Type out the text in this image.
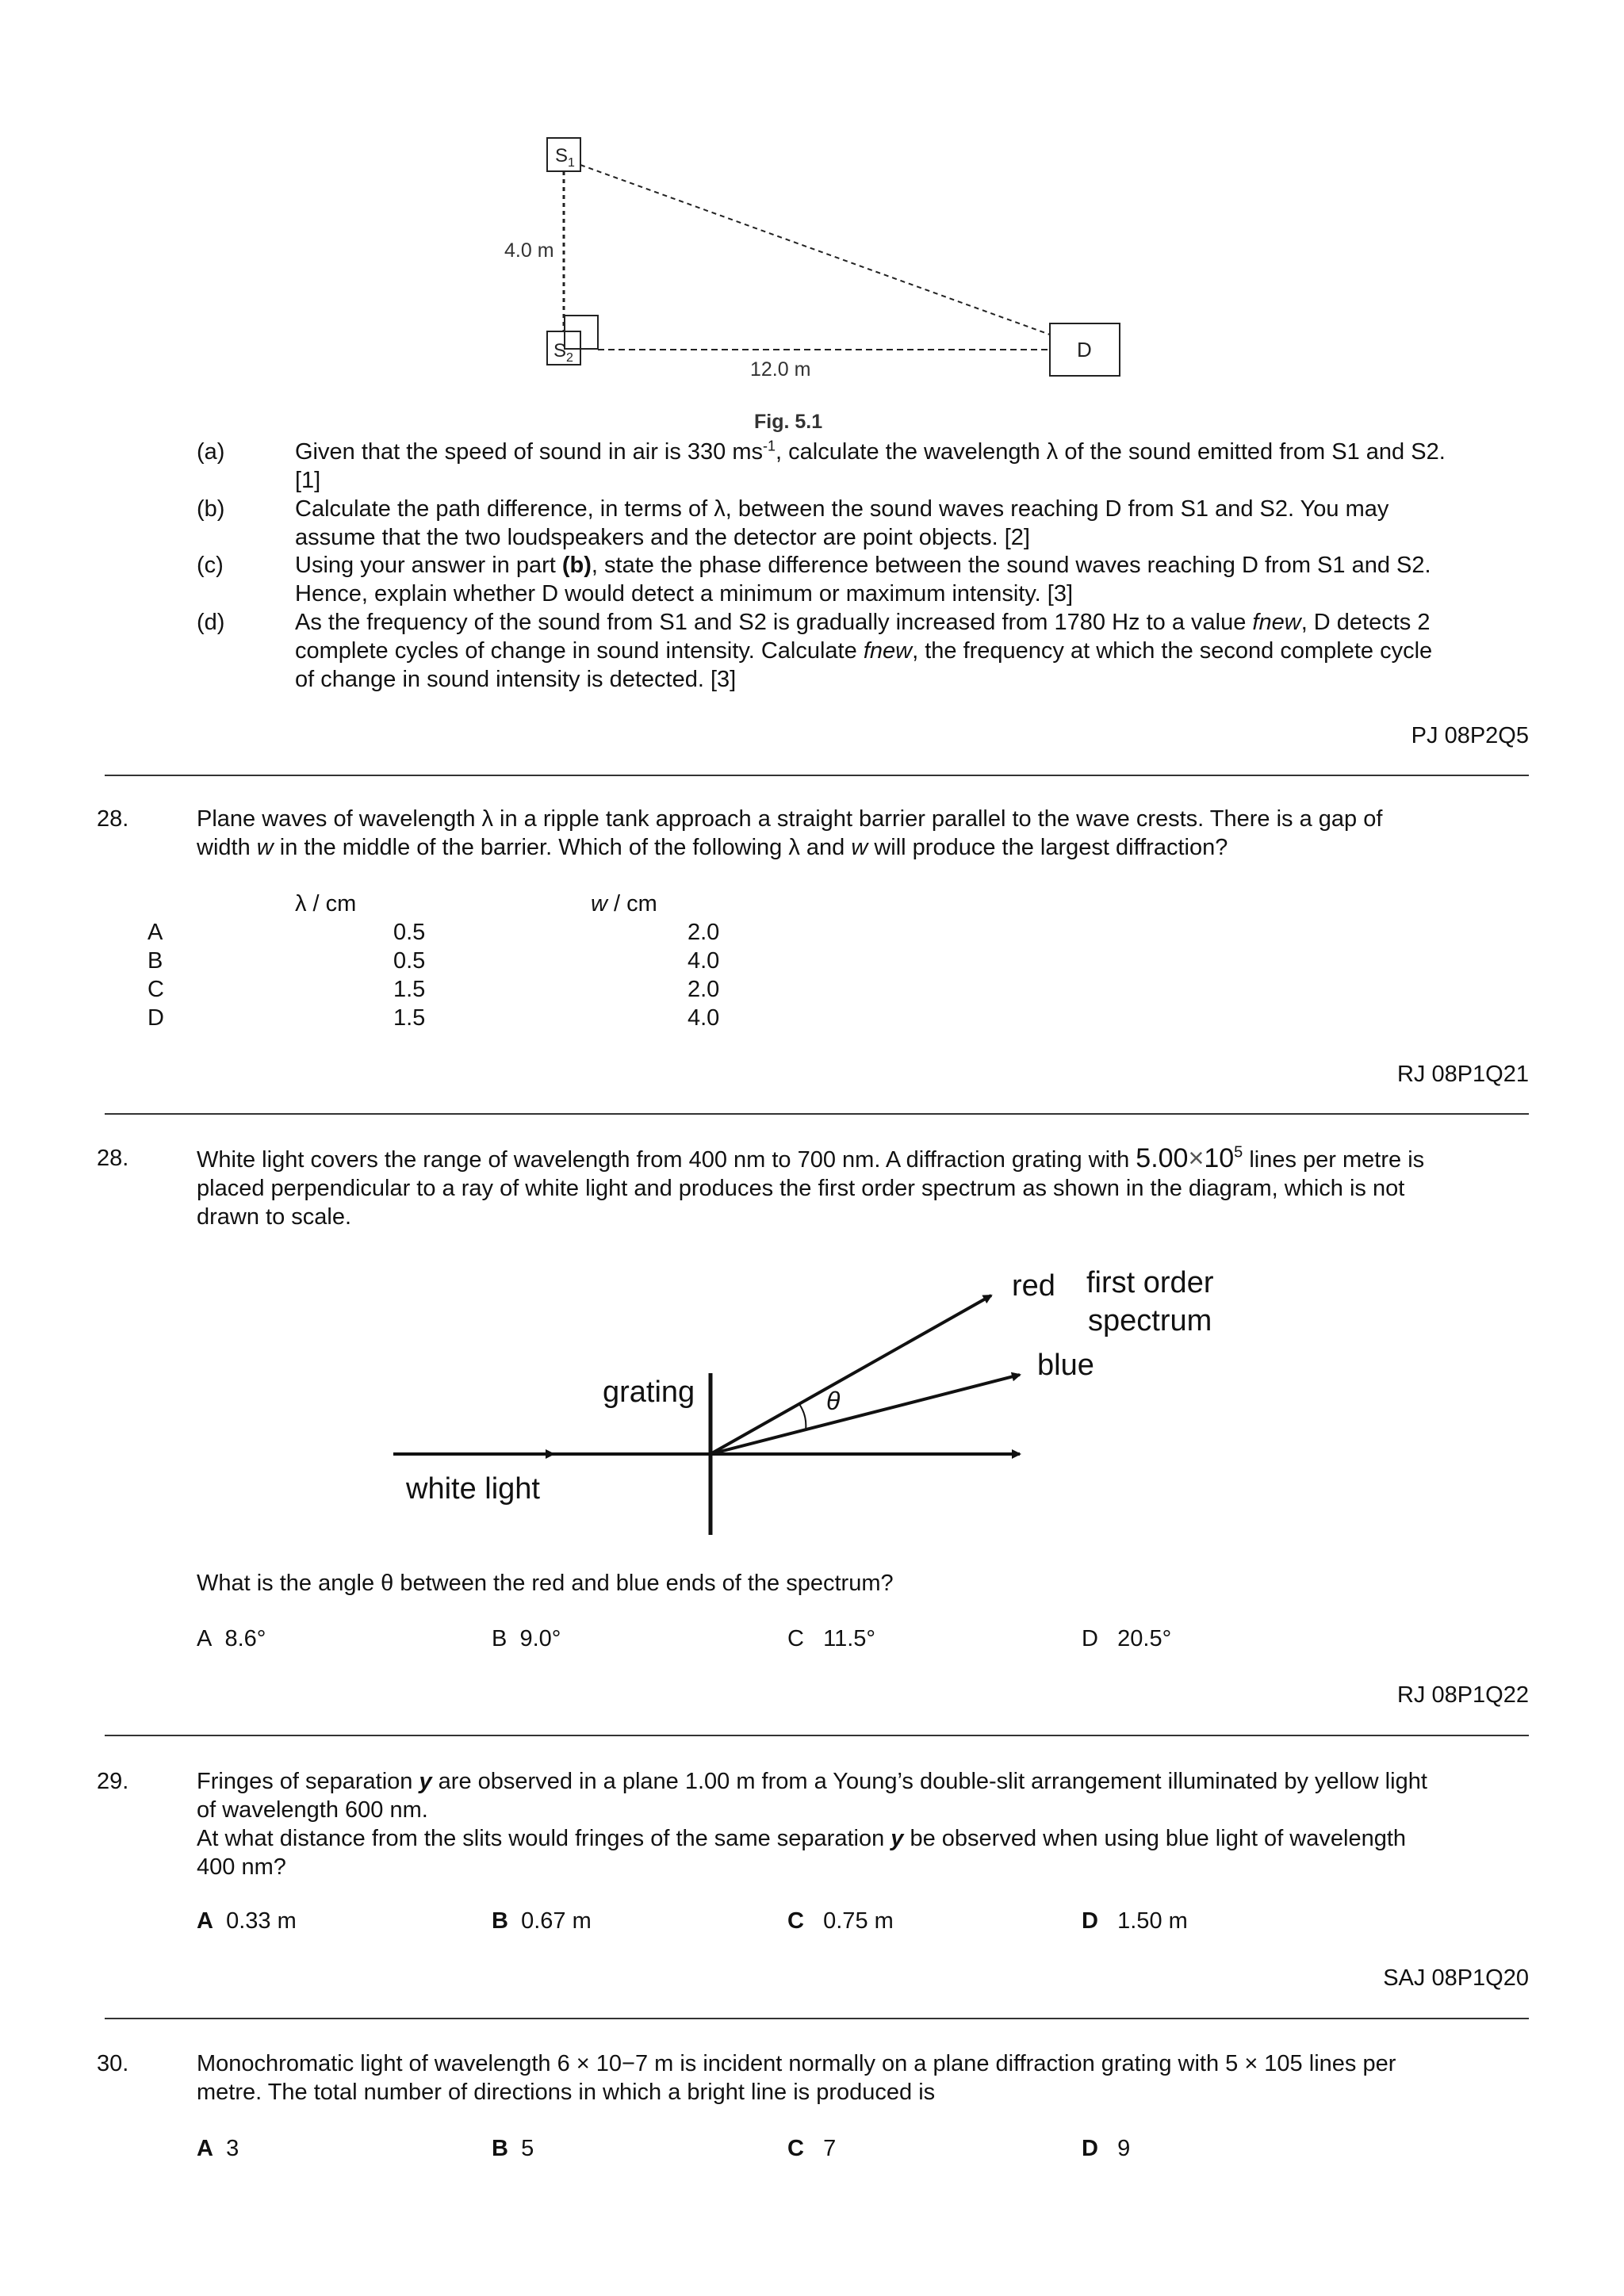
$S_1$
$S_2$	D
4.0 m
12.0 m
Fig. 5.1
(a)	Given that the speed of sound in air is 330 $ms^{-1}$, calculate the wavelength λ of the sound emitted from S1 and S2.
[1]
(b)	Calculate the path difference, in terms of λ, between the sound waves reaching D from S1 and S2. You may
assume that the two loudspeakers and the detector are point objects. [2]
(c)	Using your answer in part (b), state the phase difference between the sound waves reaching D from S1 and S2.
Hence, explain whether D would detect a minimum or maximum intensity. [3]
(d)	As the frequency of the sound from S1 and S2 is gradually increased from 1780 Hz to a value fnew, D detects 2
complete cycles of change in sound intensity. Calculate fnew, the frequency at which the second complete cycle
of change in sound intensity is detected. [3]
PJ 08P2Q5
28.	Plane waves of wavelength λ in a ripple tank approach a straight barrier parallel to the wave crests. There is a gap of
width w in the middle of the barrier. Which of the following λ and w will produce the largest diffraction?
λ / cm	w / cm
A	0.5	2.0
B	0.5	4.0
C	1.5	2.0
D	1.5	4.0
RJ 08P1Q21
28.	White light covers the range of wavelength from 400 nm to 700 nm. A diffraction grating with $5.00\times 10^5$ lines per metre is
placed perpendicular to a ray of white light and produces the first order spectrum as shown in the diagram, which is not
drawn to scale.
θ
red first order
spectrum
blue
grating
white light
What is the angle θ between the red and blue ends of the spectrum?
A 8.6°	B 9.0°	C 11.5°	D 20.5°
RJ 08P1Q22
29.	Fringes of separation y are observed in a plane 1.00 m from a Young’s double-slit arrangement illuminated by yellow light
of wavelength 600 nm.
At what distance from the slits would fringes of the same separation y be observed when using blue light of wavelength
400 nm?
A 0.33 m	B 0.67 m	C 0.75 m	D 1.50 m
SAJ 08P1Q20
30.	Monochromatic light of wavelength 6 × 10−7 m is incident normally on a plane diffraction grating with 5 × 105 lines per
metre. The total number of directions in which a bright line is produced is
A 3	B 5	C 7	D 9
